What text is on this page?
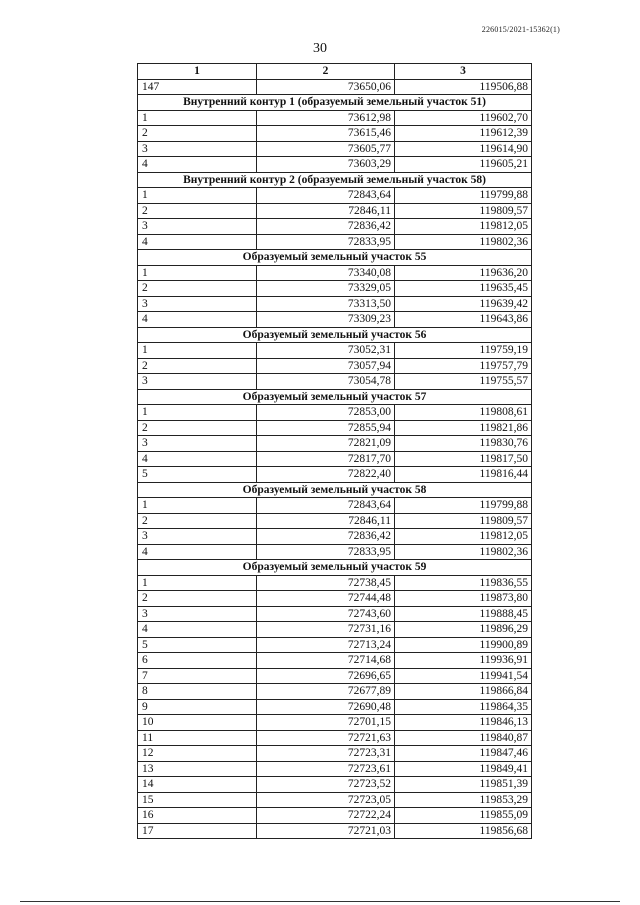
226015/2021-15362(1)
30
1	2	3
147	73650,06	119506,88
Внутренний контур 1 (образуемый земельный участок 51)		
1	73612,98	119602,70
2	73615,46	119612,39
3	73605,77	119614,90
4	73603,29	119605,21
Внутренний контур 2 (образуемый земельный участок 58)		
1	72843,64	119799,88
2	72846,11	119809,57
3	72836,42	119812,05
4	72833,95	119802,36
Образуемый земельный участок 55		
1	73340,08	119636,20
2	73329,05	119635,45
3	73313,50	119639,42
4	73309,23	119643,86
Образуемый земельный участок 56		
1	73052,31	119759,19
2	73057,94	119757,79
3	73054,78	119755,57
Образуемый земельный участок 57		
1	72853,00	119808,61
2	72855,94	119821,86
3	72821,09	119830,76
4	72817,70	119817,50
5	72822,40	119816,44
Образуемый земельный участок 58		
1	72843,64	119799,88
2	72846,11	119809,57
3	72836,42	119812,05
4	72833,95	119802,36
Образуемый земельный участок 59		
1	72738,45	119836,55
2	72744,48	119873,80
3	72743,60	119888,45
4	72731,16	119896,29
5	72713,24	119900,89
6	72714,68	119936,91
7	72696,65	119941,54
8	72677,89	119866,84
9	72690,48	119864,35
10	72701,15	119846,13
11	72721,63	119840,87
12	72723,31	119847,46
13	72723,61	119849,41
14	72723,52	119851,39
15	72723,05	119853,29
16	72722,24	119855,09
17	72721,03	119856,68
